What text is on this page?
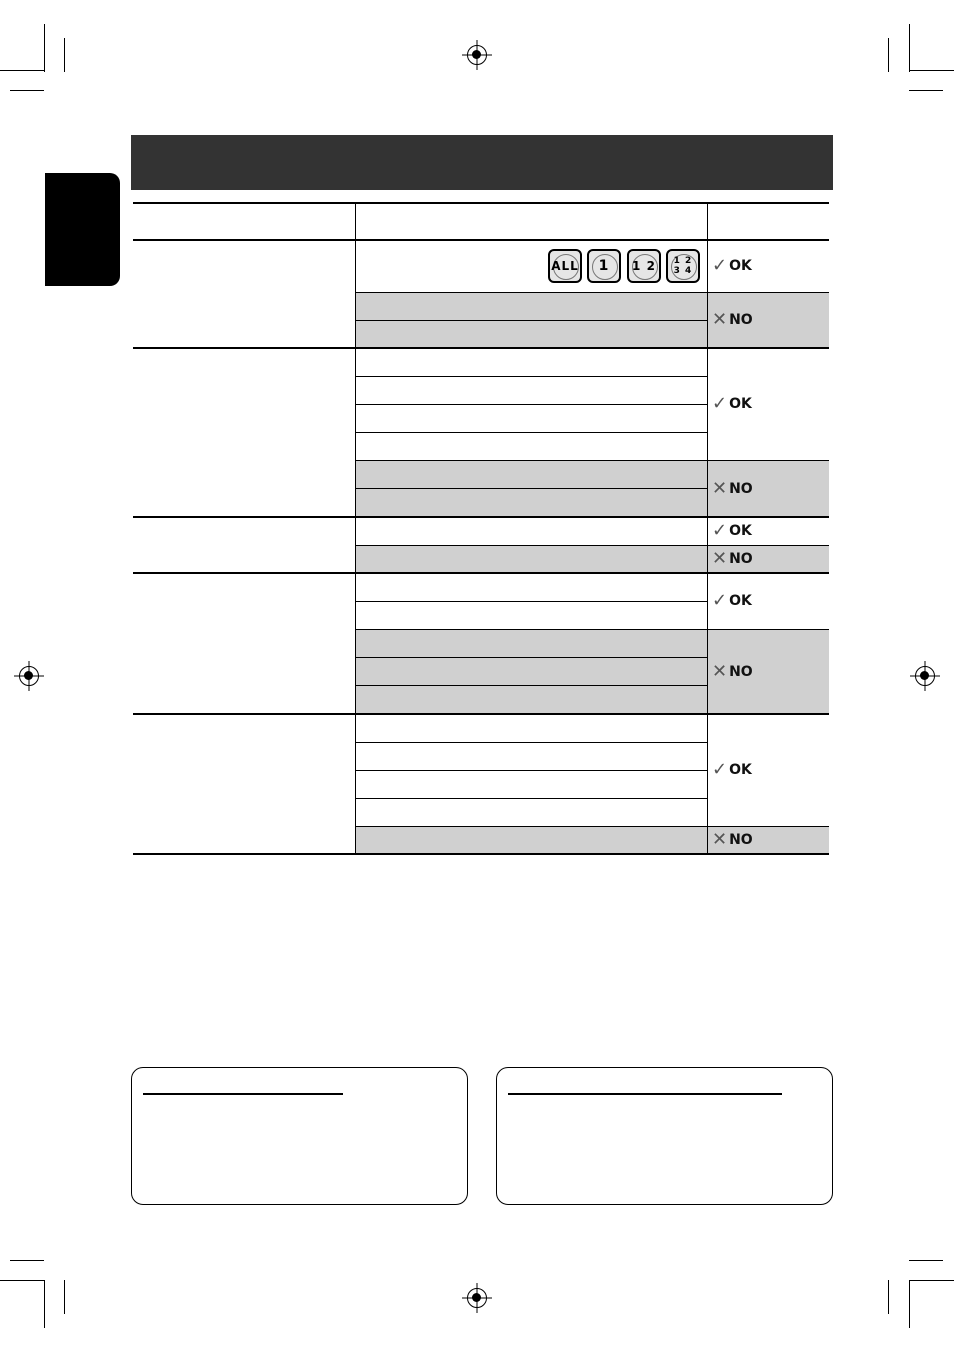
✓ OK
✕ NO
✓ OK
✕ NO
✓ OK
✕ NO
✓ OK
✕ NO
✓ OK
✕ NO
ALL 1 1 2 1 2 3 4
